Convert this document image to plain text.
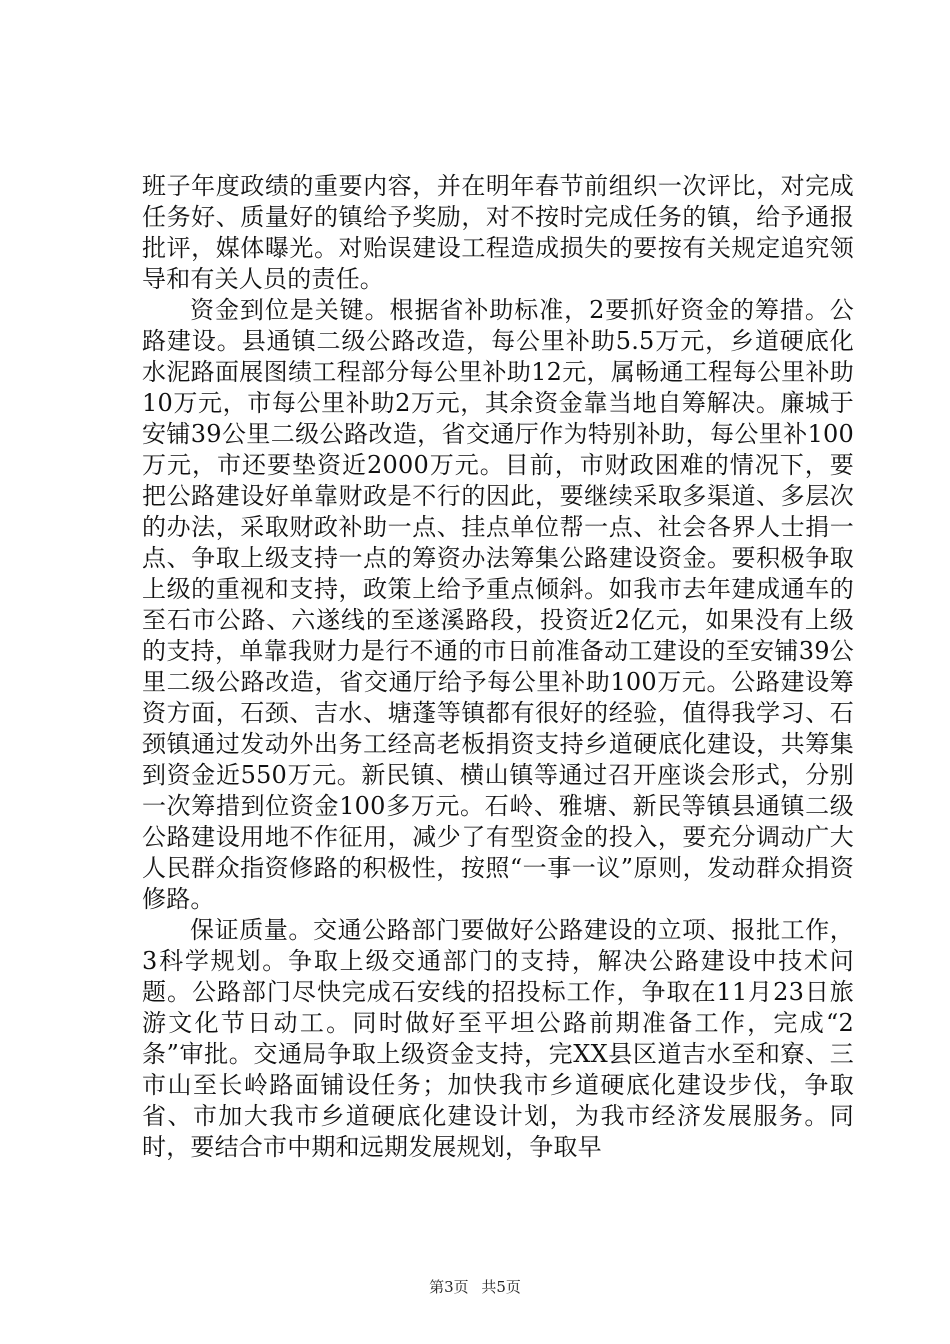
班子年度政绩的重要内容，并在明年春节前组织一次评比，对完成任务好、质量好的镇给予奖励，对不按时完成任务的镇，给予通报批评，媒体曝光。对贻误建设工程造成损失的要按有关规定追究领导和有关人员的责任。

资金到位是关键。根据省补助标准，2要抓好资金的筹措。公路建设。县通镇二级公路改造，每公里补助5.5万元，乡道硬底化水泥路面展图绩工程部分每公里补助12元，属畅通工程每公里补助10万元，市每公里补助2万元，其余资金靠当地自筹解决。廉城于安铺39公里二级公路改造，省交通厅作为特别补助，每公里补100万元，市还要垫资近2000万元。目前，市财政困难的情况下，要把公路建设好单靠财政是不行的因此，要继续采取多渠道、多层次的办法，采取财政补助一点、挂点单位帮一点、社会各界人士捐一点、争取上级支持一点的筹资办法筹集公路建设资金。要积极争取上级的重视和支持，政策上给予重点倾斜。如我市去年建成通车的至石市公路、六遂线的至遂溪路段，投资近2亿元，如果没有上级的支持，单靠我财力是行不通的市日前准备动工建设的至安铺39公里二级公路改造，省交通厅给予每公里补助100万元。公路建设筹资方面，石颈、吉水、塘蓬等镇都有很好的经验，值得我学习、石颈镇通过发动外出务工经高老板捐资支持乡道硬底化建设，共筹集到资金近550万元。新民镇、横山镇等通过召开座谈会形式，分别一次筹措到位资金100多万元。石岭、雅塘、新民等镇县通镇二级公路建设用地不作征用，减少了有型资金的投入，要充分调动广大人民群众指资修路的积极性，按照“一事一议”原则，发动群众捐资修路。

保证质量。交通公路部门要做好公路建设的立项、报批工作，3科学规划。争取上级交通部门的支持，解决公路建设中技术问题。公路部门尽快完成石安线的招投标工作，争取在11月23日旅游文化节日动工。同时做好至平坦公路前期准备工作，完成“2条”审批。交通局争取上级资金支持，完XX县区道吉水至和寮、三市山至长岭路面铺设任务；加快我市乡道硬底化建设步伐，争取省、市加大我市乡道硬底化建设计划，为我市经济发展服务。同时，要结合市中期和远期发展规划，争取早

第3页 共5页
